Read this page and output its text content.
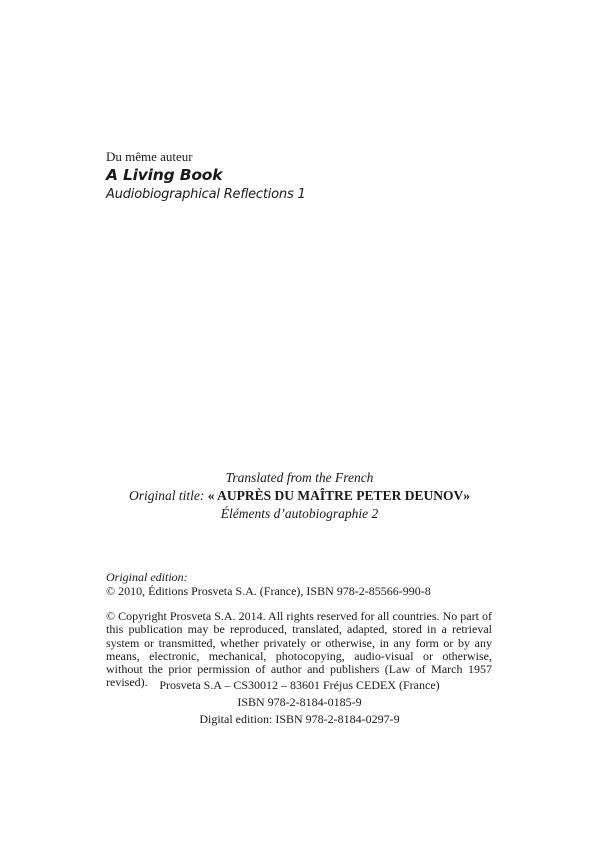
Du même auteur
A Living Book
Audiobiographical Reflections 1
Translated from the French
Original title: « AUPRÈS DU MAÎTRE PETER DEUNOV»
Éléments d’autobiographie 2
Original edition:
© 2010, Éditions Prosveta S.A. (France), ISBN 978-2-85566-990-8
© Copyright Prosveta S.A. 2014. All rights reserved for all countries. No part of this publication may be reproduced, translated, adapted, stored in a retrieval system or transmitted, whether privately or otherwise, in any form or by any means, electronic, mechanical, photocopying, audio-visual or otherwise, without the prior permission of author and publishers (Law of March 1957 revised). Prosveta S.A – CS30012 – 83601 Fréjus CEDEX (France)
ISBN 978-2-8184-0185-9
Digital edition: ISBN 978-2-8184-0297-9
